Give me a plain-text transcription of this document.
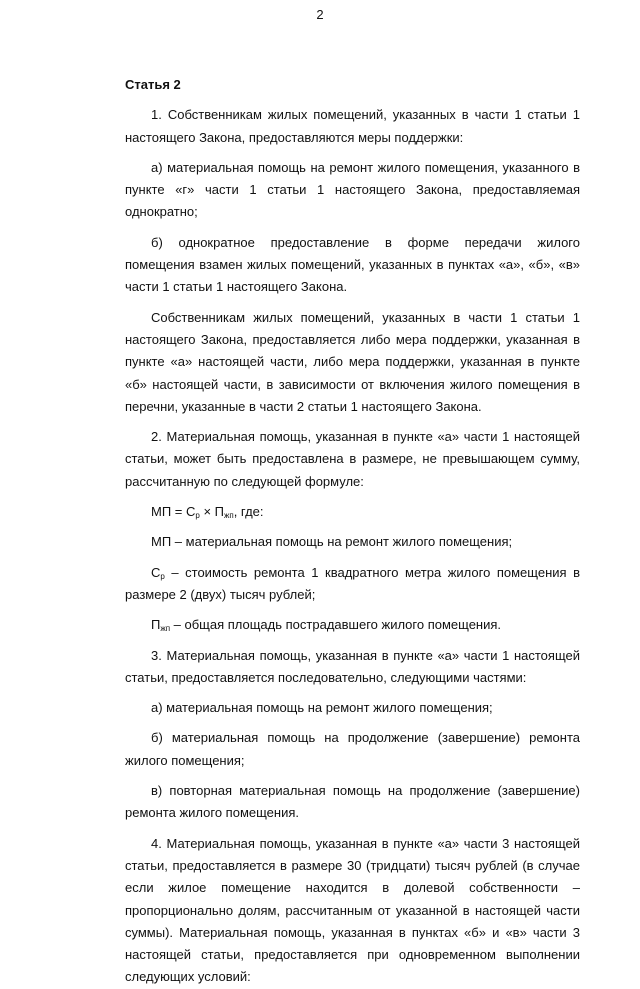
2

Статья 2

1. Собственникам жилых помещений, указанных в части 1 статьи 1 настоящего Закона, предоставляются меры поддержки:

а) материальная помощь на ремонт жилого помещения, указанного в пункте «г» части 1 статьи 1 настоящего Закона, предоставляемая однократно;

б) однократное предоставление в форме передачи жилого помещения взамен жилых помещений, указанных в пунктах «а», «б», «в» части 1 статьи 1 настоящего Закона.

Собственникам жилых помещений, указанных в части 1 статьи 1 настоящего Закона, предоставляется либо мера поддержки, указанная в пункте «а» настоящей части, либо мера поддержки, указанная в пункте «б» настоящей части, в зависимости от включения жилого помещения в перечни, указанные в части 2 статьи 1 настоящего Закона.

2. Материальная помощь, указанная в пункте «а» части 1 настоящей статьи, может быть предоставлена в размере, не превышающем сумму, рассчитанную по следующей формуле:

МП = $С_р \times П_{жп}$, где:

МП – материальная помощь на ремонт жилого помещения;

$С_р$ – стоимость ремонта 1 квадратного метра жилого помещения в размере 2 (двух) тысяч рублей;

$П_{жп}$ – общая площадь пострадавшего жилого помещения.

3. Материальная помощь, указанная в пункте «а» части 1 настоящей статьи, предоставляется последовательно, следующими частями:

а) материальная помощь на ремонт жилого помещения;

б) материальная помощь на продолжение (завершение) ремонта жилого помещения;

в) повторная материальная помощь на продолжение (завершение) ремонта жилого помещения.

4. Материальная помощь, указанная в пункте «а» части 3 настоящей статьи, предоставляется в размере 30 (тридцати) тысяч рублей (в случае если жилое помещение находится в долевой собственности – пропорционально долям, рассчитанным от указанной в настоящей части суммы). Материальная помощь, указанная в пунктах «б» и «в» части 3 настоящей статьи, предоставляется при одновременном выполнении следующих условий:
